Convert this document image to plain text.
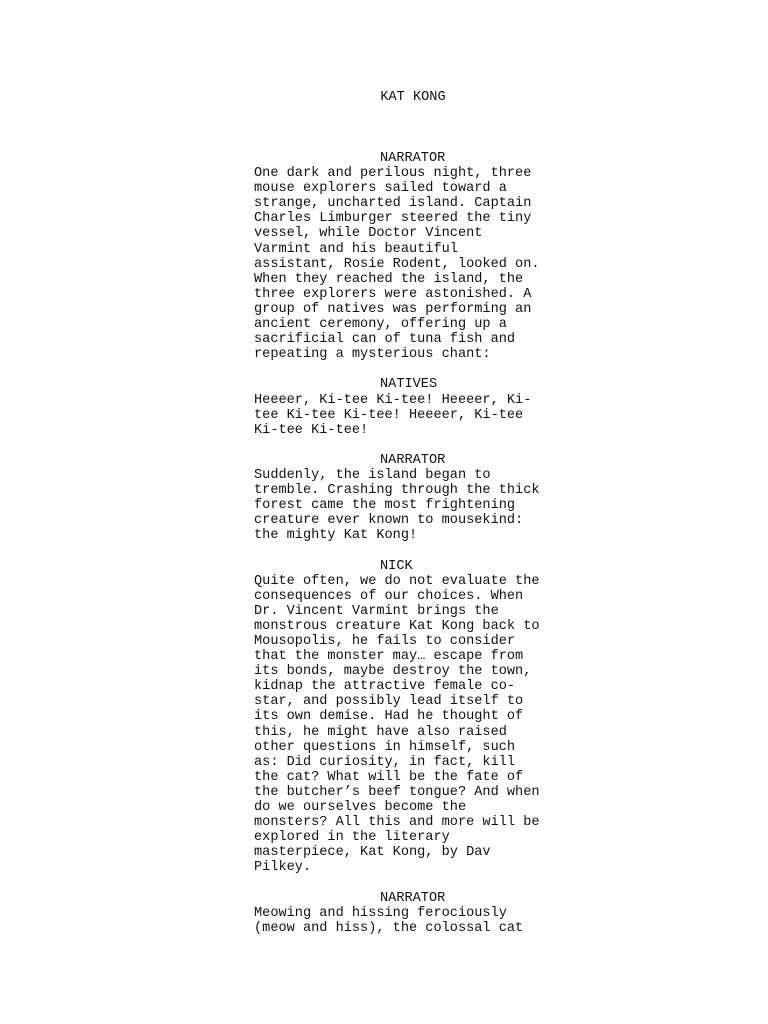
KAT KONG
NARRATOR
One dark and perilous night, three
mouse explorers sailed toward a
strange, uncharted island. Captain
Charles Limburger steered the tiny
vessel, while Doctor Vincent
Varmint and his beautiful
assistant, Rosie Rodent, looked on.
When they reached the island, the
three explorers were astonished. A
group of natives was performing an
ancient ceremony, offering up a
sacrificial can of tuna fish and
repeating a mysterious chant:
NATIVES
Heeeer, Ki-tee Ki-tee! Heeeer, Ki-
tee Ki-tee Ki-tee! Heeeer, Ki-tee
Ki-tee Ki-tee!
NARRATOR
Suddenly, the island began to
tremble. Crashing through the thick
forest came the most frightening
creature ever known to mousekind:
the mighty Kat Kong!
NICK
Quite often, we do not evaluate the
consequences of our choices. When
Dr. Vincent Varmint brings the
monstrous creature Kat Kong back to
Mousopolis, he fails to consider
that the monster may… escape from
its bonds, maybe destroy the town,
kidnap the attractive female co-
star, and possibly lead itself to
its own demise. Had he thought of
this, he might have also raised
other questions in himself, such
as: Did curiosity, in fact, kill
the cat? What will be the fate of
the butcher’s beef tongue? And when
do we ourselves become the
monsters? All this and more will be
explored in the literary
masterpiece, Kat Kong, by Dav
Pilkey.
NARRATOR
Meowing and hissing ferociously
(meow and hiss), the colossal cat
